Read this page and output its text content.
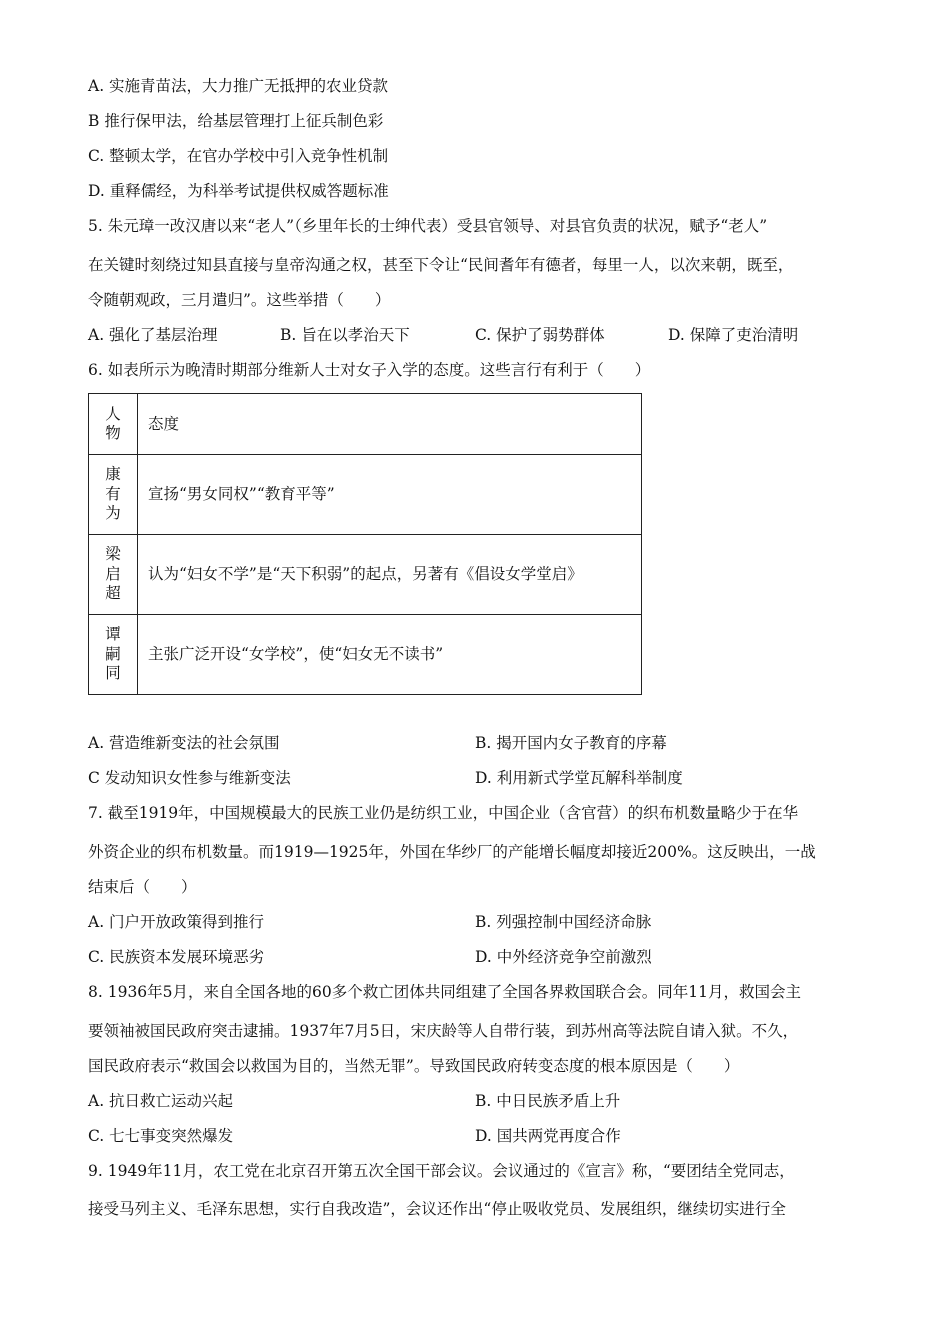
A. 实施青苗法，大力推广无抵押的农业贷款
B 推行保甲法，给基层管理打上征兵制色彩
C. 整顿太学，在官办学校中引入竞争性机制
D. 重释儒经，为科举考试提供权威答题标准
5. 朱元璋一改汉唐以来“老人”（乡里年长的士绅代表）受县官领导、对县官负责的状况，赋予“老人”
在关键时刻绕过知县直接与皇帝沟通之权，甚至下令让“民间耆年有德者，每里一人，以次来朝，既至，
令随朝观政，三月遣归”。这些举措（　　）
A. 强化了基层治理	B. 旨在以孝治天下	C. 保护了弱势群体	D. 保障了吏治清明
6. 如表所示为晚清时期部分维新人士对女子入学的态度。这些言行有利于（　　）
人物	态度
康有为	宣扬“男女同权”“教育平等”
梁启超	认为“妇女不学”是“天下积弱”的起点，另著有《倡设女学堂启》

谭嗣同	主张广泛开设“女学校”，使“妇女无不读书”
A. 营造维新变法的社会氛围	B. 揭开国内女子教育的序幕
C 发动知识女性参与维新变法	D. 利用新式学堂瓦解科举制度
7. 截至1919年，中国规模最大的民族工业仍是纺织工业，中国企业（含官营）的织布机数量略少于在华
外资企业的织布机数量。而1919—1925年，外国在华纱厂的产能增长幅度却接近200%。这反映出，一战
结束后（　　）
A. 门户开放政策得到推行	B. 列强控制中国经济命脉
C. 民族资本发展环境恶劣	D. 中外经济竞争空前激烈
8. 1936年5月，来自全国各地的60多个救亡团体共同组建了全国各界救国联合会。同年11月，救国会主
要领袖被国民政府突击逮捕。1937年7月5日，宋庆龄等人自带行装，到苏州高等法院自请入狱。不久，
国民政府表示“救国会以救国为目的，当然无罪”。导致国民政府转变态度的根本原因是（　　）
A. 抗日救亡运动兴起	B. 中日民族矛盾上升
C. 七七事变突然爆发	D. 国共两党再度合作
9. 1949年11月，农工党在北京召开第五次全国干部会议。会议通过的《宣言》称，“要团结全党同志，
接受马列主义、毛泽东思想，实行自我改造”，会议还作出“停止吸收党员、发展组织，继续切实进行全
